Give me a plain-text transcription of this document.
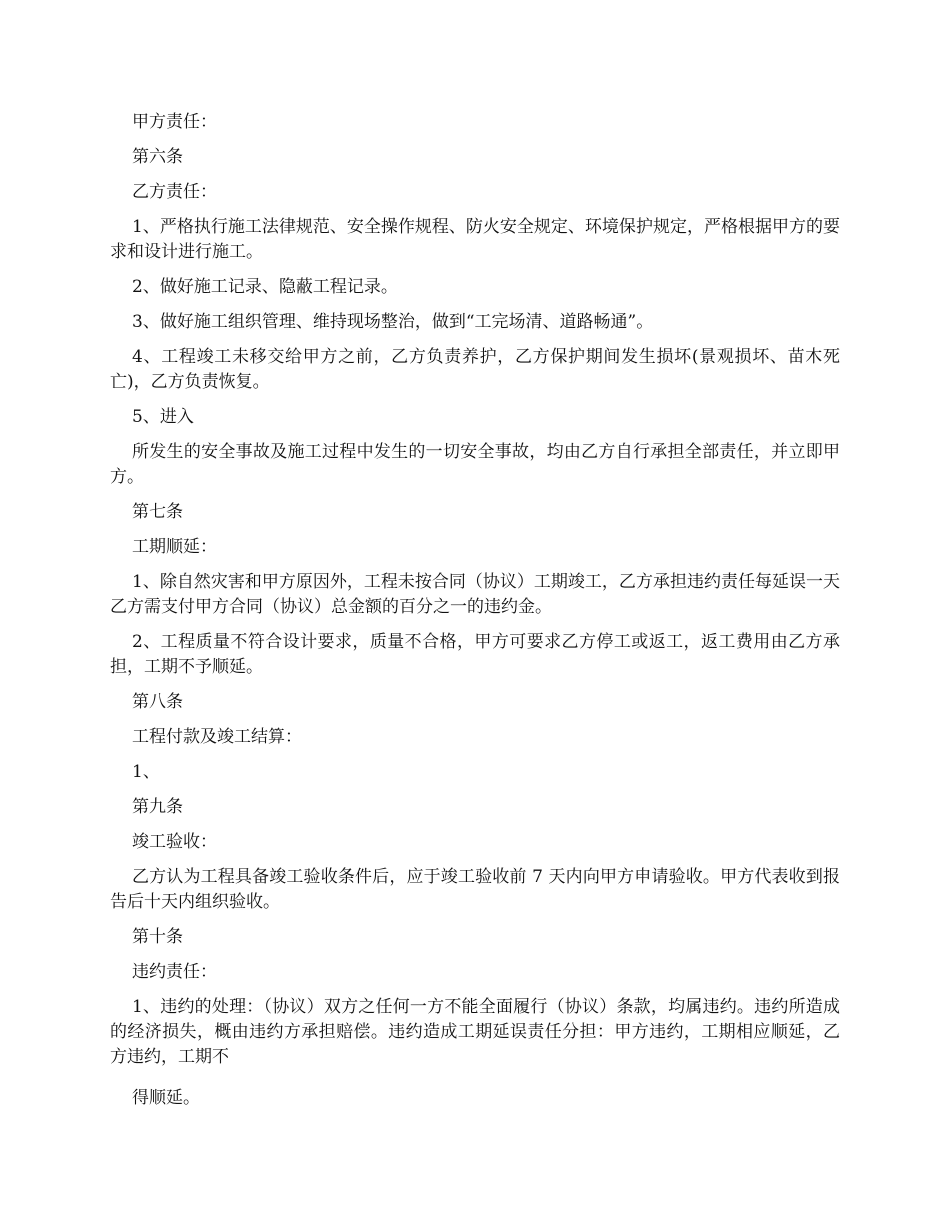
甲方责任：

第六条

乙方责任：

1、严格执行施工法律规范、安全操作规程、防火安全规定、环境保护规定，严格根据甲方的要求和设计进行施工。

2、做好施工记录、隐蔽工程记录。

3、做好施工组织管理、维持现场整治，做到“工完场清、道路畅通”。

4、工程竣工未移交给甲方之前，乙方负责养护，乙方保护期间发生损坏(景观损坏、苗木死亡)，乙方负责恢复。

5、进入

所发生的安全事故及施工过程中发生的一切安全事故，均由乙方自行承担全部责任，并立即甲方。

第七条

工期顺延：

1、除自然灾害和甲方原因外，工程未按合同（协议）工期竣工，乙方承担违约责任每延误一天乙方需支付甲方合同（协议）总金额的百分之一的违约金。

2、工程质量不符合设计要求，质量不合格，甲方可要求乙方停工或返工，返工费用由乙方承担，工期不予顺延。

第八条

工程付款及竣工结算：

1、

第九条

竣工验收：

乙方认为工程具备竣工验收条件后，应于竣工验收前 7 天内向甲方申请验收。甲方代表收到报告后十天内组织验收。

第十条

违约责任：

1、违约的处理：（协议）双方之任何一方不能全面履行（协议）条款，均属违约。违约所造成的经济损失，概由违约方承担赔偿。违约造成工期延误责任分担：甲方违约，工期相应顺延，乙方违约，工期不

得顺延。
